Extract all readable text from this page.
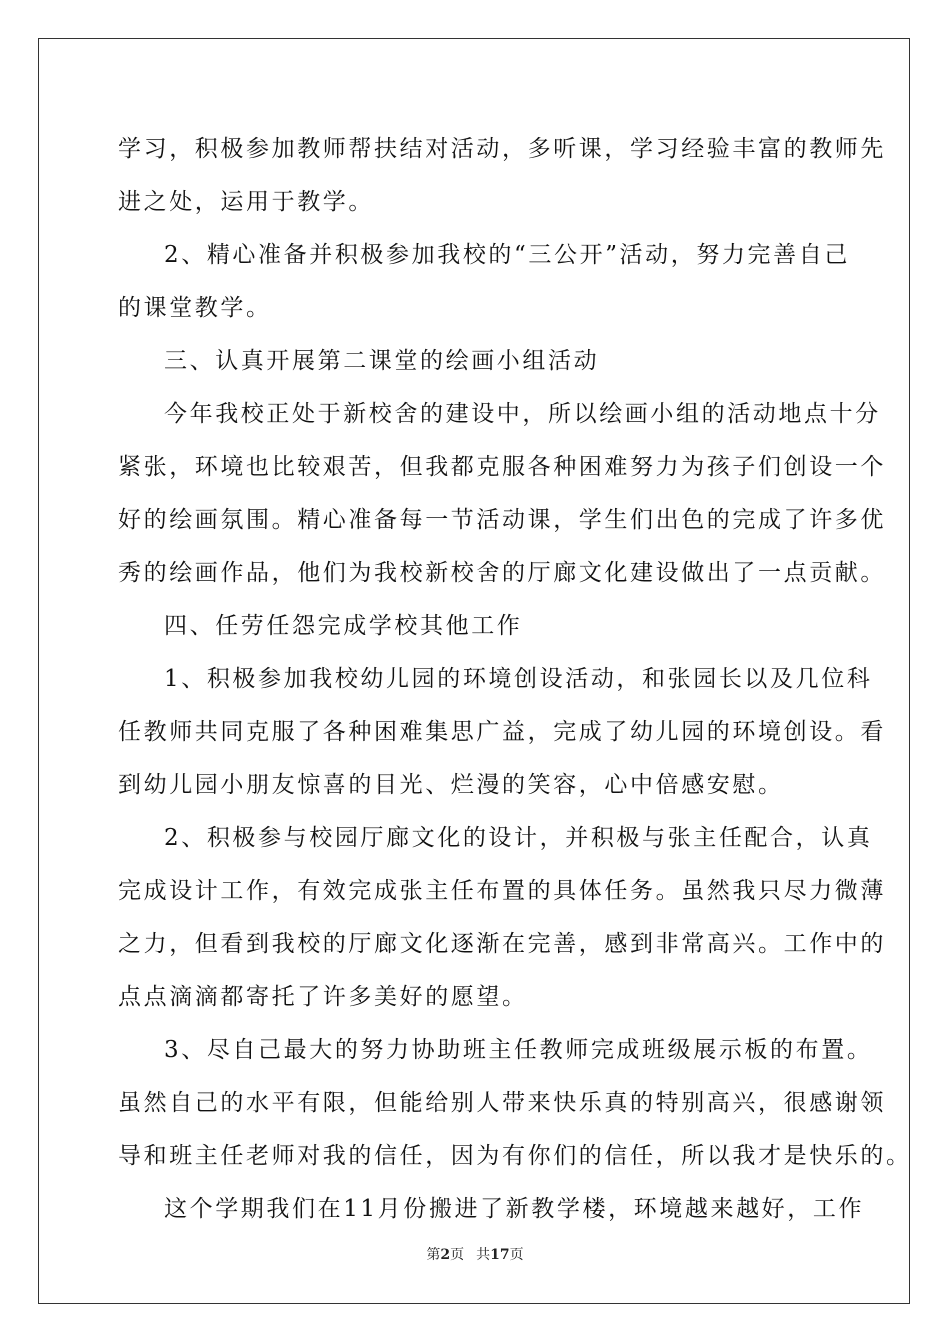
学习，积极参加教师帮扶结对活动，多听课，学习经验丰富的教师先
进之处，运用于教学。
2、精心准备并积极参加我校的“三公开”活动，努力完善自己
的课堂教学。
三、认真开展第二课堂的绘画小组活动
今年我校正处于新校舍的建设中，所以绘画小组的活动地点十分
紧张，环境也比较艰苦，但我都克服各种困难努力为孩子们创设一个
好的绘画氛围。精心准备每一节活动课，学生们出色的完成了许多优
秀的绘画作品，他们为我校新校舍的厅廊文化建设做出了一点贡献。
四、任劳任怨完成学校其他工作
1、积极参加我校幼儿园的环境创设活动，和张园长以及几位科
任教师共同克服了各种困难集思广益，完成了幼儿园的环境创设。看
到幼儿园小朋友惊喜的目光、烂漫的笑容，心中倍感安慰。
2、积极参与校园厅廊文化的设计，并积极与张主任配合，认真
完成设计工作，有效完成张主任布置的具体任务。虽然我只尽力微薄
之力，但看到我校的厅廊文化逐渐在完善，感到非常高兴。工作中的
点点滴滴都寄托了许多美好的愿望。
3、尽自己最大的努力协助班主任教师完成班级展示板的布置。
虽然自己的水平有限，但能给别人带来快乐真的特别高兴，很感谢领
导和班主任老师对我的信任，因为有你们的信任，所以我才是快乐的。
这个学期我们在11月份搬进了新教学楼，环境越来越好，工作
第2页 共17页
